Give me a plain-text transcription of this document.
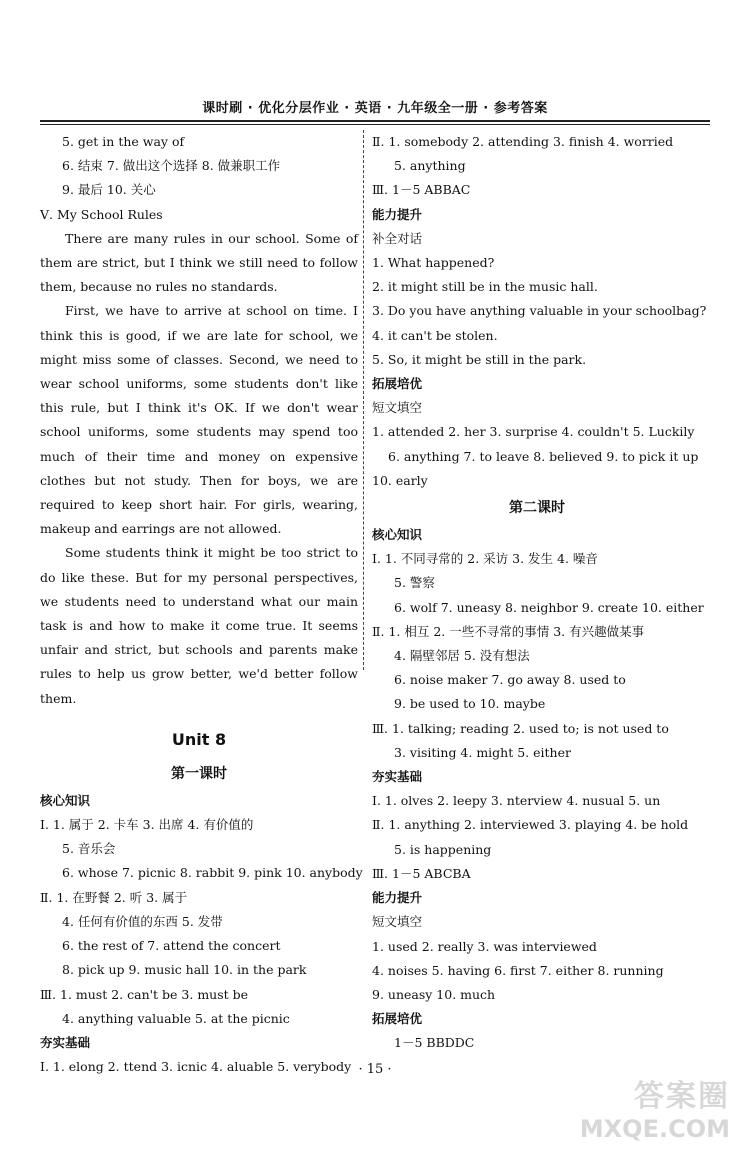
课时刷 · 优化分层作业 · 英语 · 九年级全一册 · 参考答案
5. get in the way of
6. 结束 7. 做出这个选择 8. 做兼职工作
9. 最后 10. 关心
Ⅴ. My School Rules

There are many rules in our school. Some of them are strict, but I think we still need to follow them, because no rules no standards.

First, we have to arrive at school on time. I think this is good, if we are late for school, we might miss some of classes. Second, we need to wear school uniforms, some students don't like this rule, but I think it's OK. If we don't wear school uniforms, some students may spend too much of their time and money on expensive clothes but not study. Then for boys, we are required to keep short hair. For girls, wearing, makeup and earrings are not allowed.

Some students think it might be too strict to do like these. But for my personal perspectives, we students need to understand what our main task is and how to make it come true. It seems unfair and strict, but schools and parents make rules to help us grow better, we'd better follow them.

Unit 8
第一课时
核心知识
Ⅰ. 1. 属于 2. 卡车 3. 出席 4. 有价值的
5. 音乐会
6. whose 7. picnic 8. rabbit 9. pink 10. anybody
Ⅱ. 1. 在野餐 2. 听 3. 属于
4. 任何有价值的东西 5. 发带
6. the rest of 7. attend the concert
8. pick up 9. music hall 10. in the park
Ⅲ. 1. must 2. can't be 3. must be
4. anything valuable 5. at the picnic
夯实基础
Ⅰ. 1. elong 2. ttend 3. icnic 4. aluable 5. verybody
Ⅱ. 1. somebody 2. attending 3. finish 4. worried
5. anything
Ⅲ. 1－5 ABBAC
能力提升
补全对话
1. What happened?
2. it might still be in the music hall.
3. Do you have anything valuable in your schoolbag?
4. it can't be stolen.
5. So, it might be still in the park.
拓展培优
短文填空
1. attended 2. her 3. surprise 4. couldn't 5. Luckily
6. anything 7. to leave 8. believed 9. to pick it up
10. early
第二课时
核心知识
Ⅰ. 1. 不同寻常的 2. 采访 3. 发生 4. 噪音
5. 警察
6. wolf 7. uneasy 8. neighbor 9. create 10. either
Ⅱ. 1. 相互 2. 一些不寻常的事情 3. 有兴趣做某事
4. 隔壁邻居 5. 没有想法
6. noise maker 7. go away 8. used to
9. be used to 10. maybe
Ⅲ. 1. talking; reading 2. used to; is not used to
3. visiting 4. might 5. either
夯实基础
Ⅰ. 1. olves 2. leepy 3. nterview 4. nusual 5. un
Ⅱ. 1. anything 2. interviewed 3. playing 4. be hold
5. is happening
Ⅲ. 1－5 ABCBA
能力提升
短文填空
1. used 2. really 3. was interviewed
4. noises 5. having 6. first 7. either 8. running
9. uneasy 10. much
拓展培优
1－5 BBDDC
· 15 ·
答案圈
MXQE.COM
